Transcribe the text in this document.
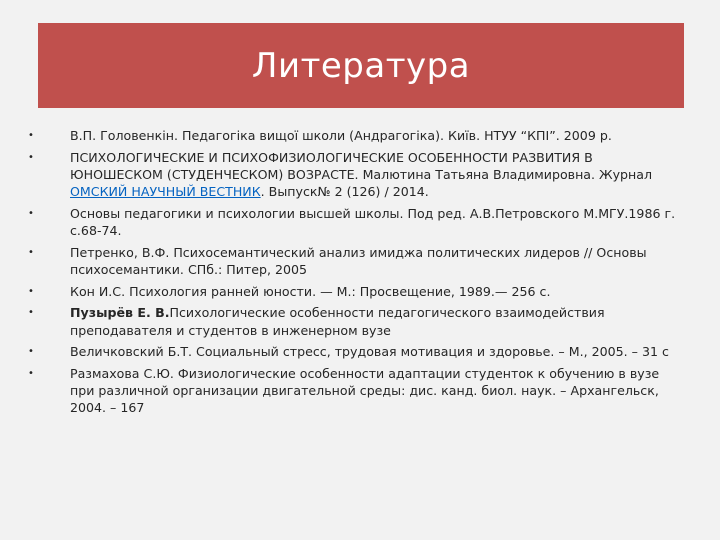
Литература
•	В.П. Головенкін. Педагогіка вищої школи (Андрагогіка). Київ. НТУУ “КПІ”. 2009 р.
•	ПСИХОЛОГИЧЕСКИЕ И ПСИХОФИЗИОЛОГИЧЕСКИЕ ОСОБЕННОСТИ РАЗВИТИЯ В ЮНОШЕСКОМ (СТУДЕНЧЕСКОМ) ВОЗРАСТЕ. Малютина Татьяна Владимировна. Журнал ОМСКИЙ НАУЧНЫЙ ВЕСТНИК. Выпуск№ 2 (126) / 2014.
•	Основы педагогики и психологии высшей школы. Под ред. А.В.Петровского М.МГУ.1986 г. с.68-74.
•	Петренко, В.Ф. Психосемантический анализ имиджа политических лидеров // Основы психосемантики. СПб.: Питер, 2005
•	Кон И.С. Психология ранней юности. — М.: Просвещение, 1989.— 256 с.
•	Пузырёв Е. В.Психологические особенности педагогического взаимодействия преподавателя и студентов в инженерном вузе
•	Величковский Б.Т. Социальный стресс, трудовая мотивация и здоровье. – М., 2005. – 31 с
•	Размахова С.Ю. Физиологические особенности адаптации студенток к обучению в вузе при различной организации двигательной среды: дис. канд. биол. наук. – Архангельск, 2004. – 167
